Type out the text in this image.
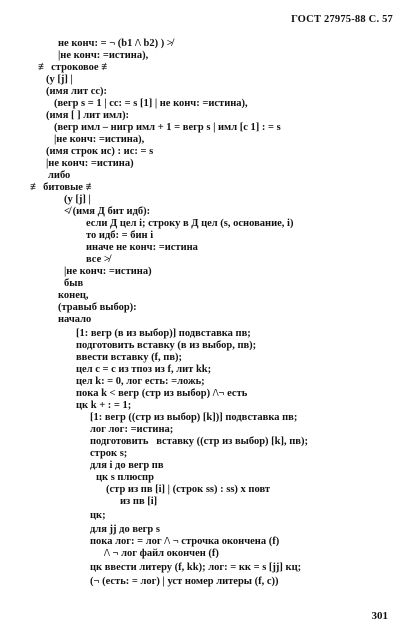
ГОСТ 27975-88 С. 57
не конч: = ¬ (b1 /\ b2) ) ≯
|не конч: =истина),
≢ строковое ≢
(у [j] |
(имя лит сс):
(вегр s = 1 | сс: = s [1] | не конч: =истина),
(имя [ ] лит имл):
(вегр имл – нигр имл + 1 = вегр s | имл [с 1] : = s
|не конч: =истина),
(имя строк ис) : ис: = s
|не конч: =истина)
либо
≢ битовые ≢
(у [j] |
≮ (имя Д бит идб):
если Д цел i; строку в Д цел (s, основание, i)
то идб: = бин i
иначе не конч: =истина
все ≯
|не конч: =истина)
быв
конец,
(травыб выбор):
начало
[1: вегр (в из выбор)] подвставка пв;
подготовить вставку (в из выбор, пв);
ввести вставку (f, пв);
цел с = с из тпоз из f, лит kk;
цел k: = 0, лог есть: =ложь;
пока k < вегр (стр из выбор) /\¬ есть
цк k + : = 1;
[1: вегр ((стр из выбор) [k])] подвставка пв;
лог лог: =истина;
подготовить   вставку ((стр из выбор) [k], пв);
строк s;
для i до вегр пв
цк s плюспр
(стр из пв [i] | (строк ss) : ss) х повт
из пв [i]
цк;
для jj до вегр s
пока лог: = лог /\ ¬ строчка окончена (f)
/\ ¬ лог файл окончен (f)
цк ввести литеру (f, kk); лог: = кк = s [jj] кц;
(¬ (есть: = лог) | уст номер литеры (f, с))
301
